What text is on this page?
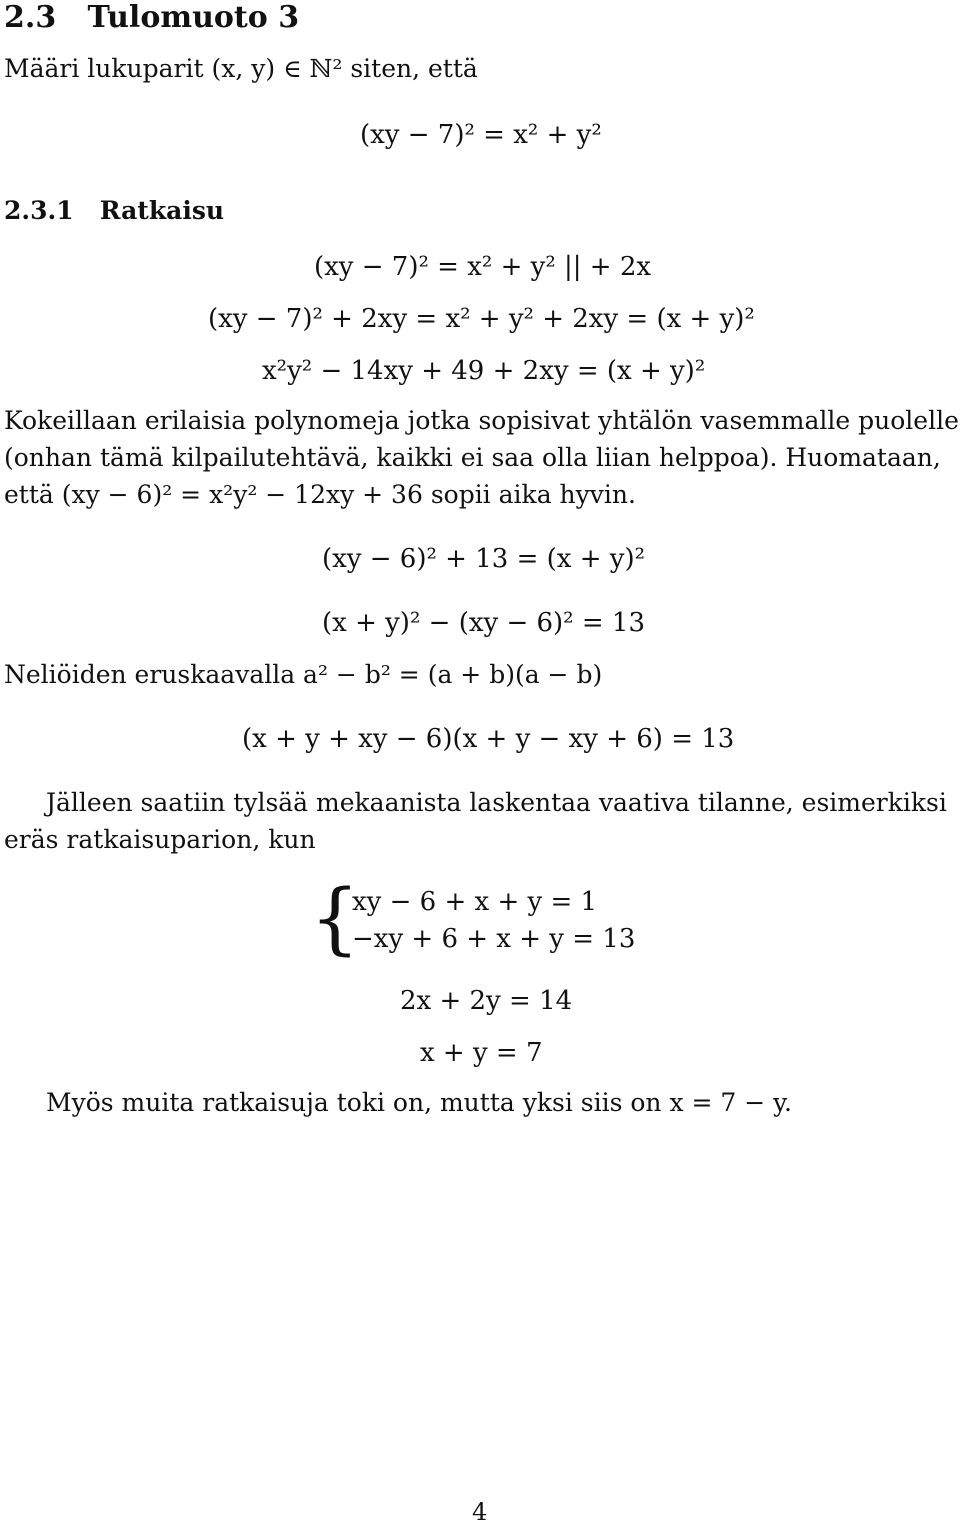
2.3 Tulomuoto 3
Määri lukuparit (x, y) ∈ ℕ² siten, että
(xy − 7)² = x² + y²
2.3.1 Ratkaisu
(xy − 7)² = x² + y² || + 2x
(xy − 7)² + 2xy = x² + y² + 2xy = (x + y)²
x²y² − 14xy + 49 + 2xy = (x + y)²
Kokeillaan erilaisia polynomeja jotka sopisivat yhtälön vasemmalle puolelle
(onhan tämä kilpailutehtävä, kaikki ei saa olla liian helppoa). Huomataan,
että (xy − 6)² = x²y² − 12xy + 36 sopii aika hyvin.
(xy − 6)² + 13 = (x + y)²
(x + y)² − (xy − 6)² = 13
Neliöiden eruskaavalla a² − b² = (a + b)(a − b)
(x + y + xy − 6)(x + y − xy + 6) = 13
Jälleen saatiin tylsää mekaanista laskentaa vaativa tilanne, esimerkiksi
eräs ratkaisuparion, kun
{
xy − 6 + x + y = 1
−xy + 6 + x + y = 13
2x + 2y = 14
x + y = 7
Myös muita ratkaisuja toki on, mutta yksi siis on x = 7 − y.
4
